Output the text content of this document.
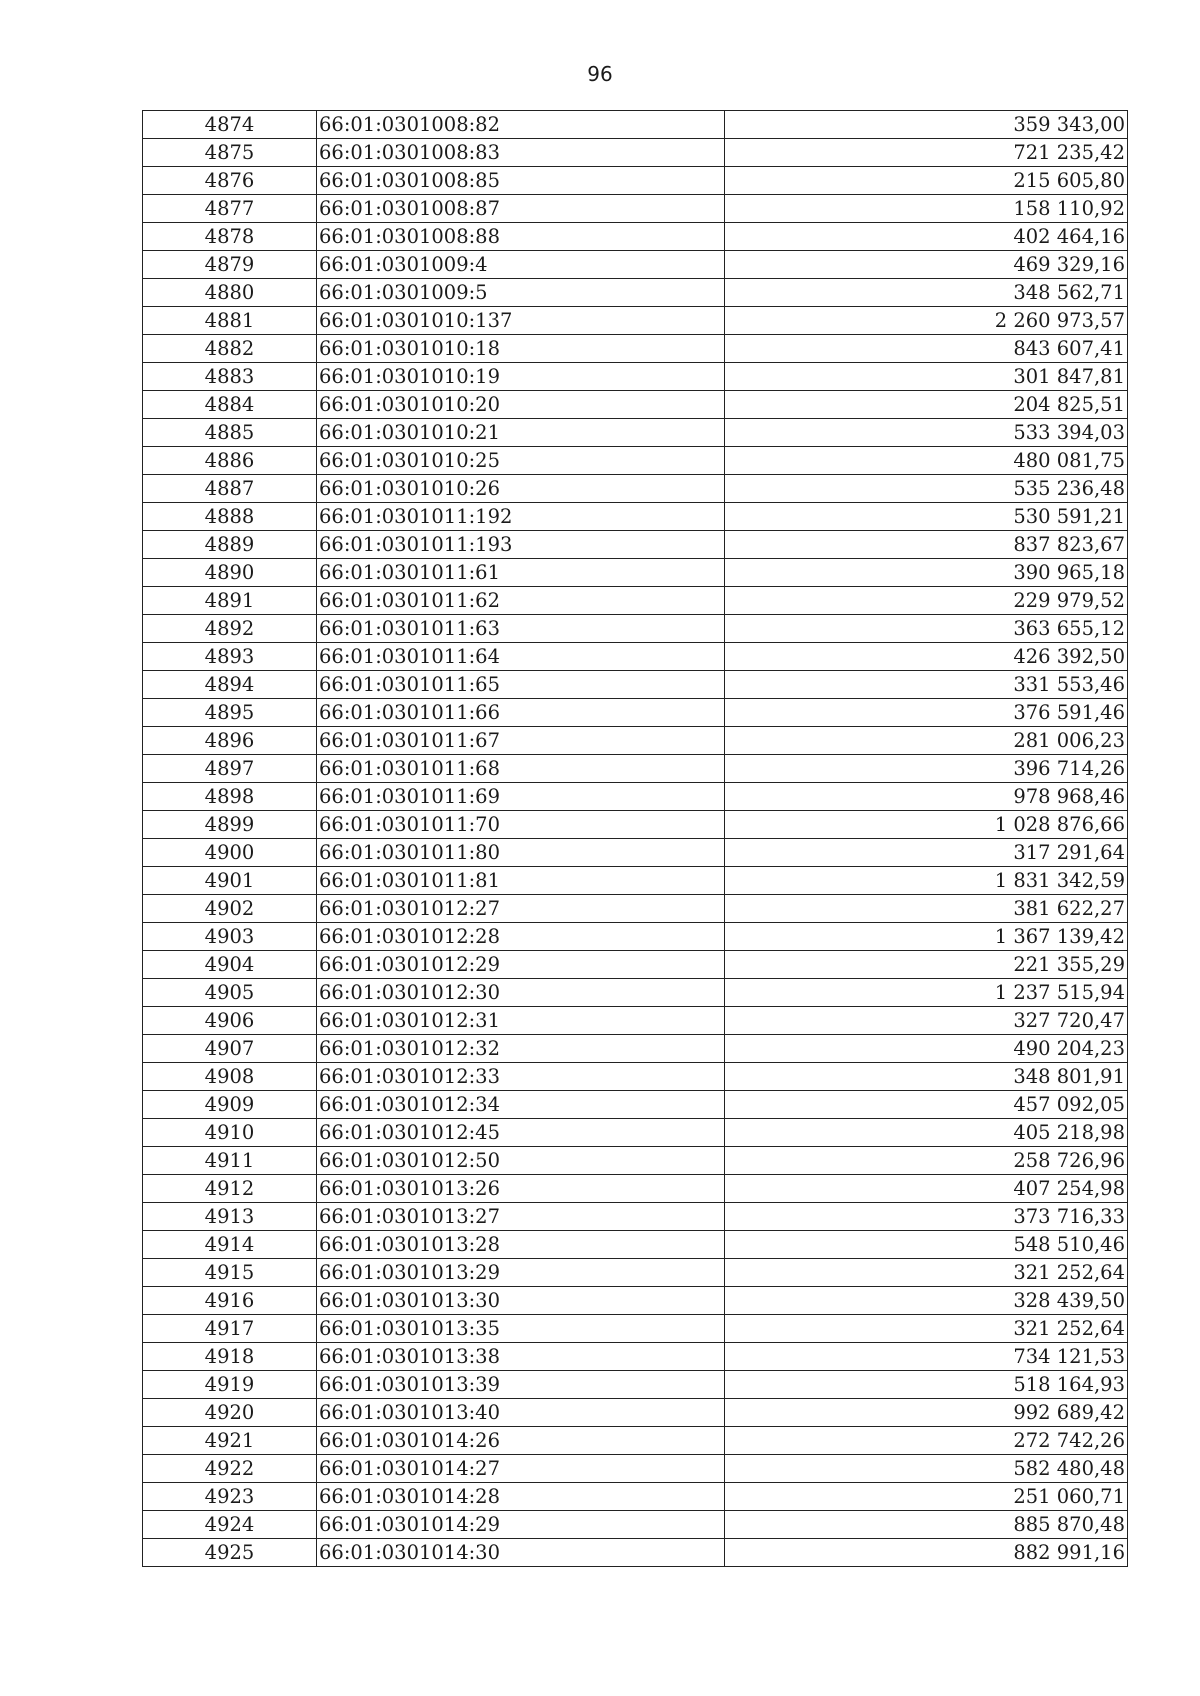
96
4874	66:01:0301008:82	359 343,00
4875	66:01:0301008:83	721 235,42
4876	66:01:0301008:85	215 605,80
4877	66:01:0301008:87	158 110,92
4878	66:01:0301008:88	402 464,16
4879	66:01:0301009:4	469 329,16
4880	66:01:0301009:5	348 562,71
4881	66:01:0301010:137	2 260 973,57
4882	66:01:0301010:18	843 607,41
4883	66:01:0301010:19	301 847,81
4884	66:01:0301010:20	204 825,51
4885	66:01:0301010:21	533 394,03
4886	66:01:0301010:25	480 081,75
4887	66:01:0301010:26	535 236,48
4888	66:01:0301011:192	530 591,21
4889	66:01:0301011:193	837 823,67
4890	66:01:0301011:61	390 965,18
4891	66:01:0301011:62	229 979,52
4892	66:01:0301011:63	363 655,12
4893	66:01:0301011:64	426 392,50
4894	66:01:0301011:65	331 553,46
4895	66:01:0301011:66	376 591,46
4896	66:01:0301011:67	281 006,23
4897	66:01:0301011:68	396 714,26
4898	66:01:0301011:69	978 968,46
4899	66:01:0301011:70	1 028 876,66
4900	66:01:0301011:80	317 291,64
4901	66:01:0301011:81	1 831 342,59
4902	66:01:0301012:27	381 622,27
4903	66:01:0301012:28	1 367 139,42
4904	66:01:0301012:29	221 355,29
4905	66:01:0301012:30	1 237 515,94
4906	66:01:0301012:31	327 720,47
4907	66:01:0301012:32	490 204,23
4908	66:01:0301012:33	348 801,91
4909	66:01:0301012:34	457 092,05
4910	66:01:0301012:45	405 218,98
4911	66:01:0301012:50	258 726,96
4912	66:01:0301013:26	407 254,98
4913	66:01:0301013:27	373 716,33
4914	66:01:0301013:28	548 510,46
4915	66:01:0301013:29	321 252,64
4916	66:01:0301013:30	328 439,50
4917	66:01:0301013:35	321 252,64
4918	66:01:0301013:38	734 121,53
4919	66:01:0301013:39	518 164,93
4920	66:01:0301013:40	992 689,42
4921	66:01:0301014:26	272 742,26
4922	66:01:0301014:27	582 480,48
4923	66:01:0301014:28	251 060,71
4924	66:01:0301014:29	885 870,48
4925	66:01:0301014:30	882 991,16
